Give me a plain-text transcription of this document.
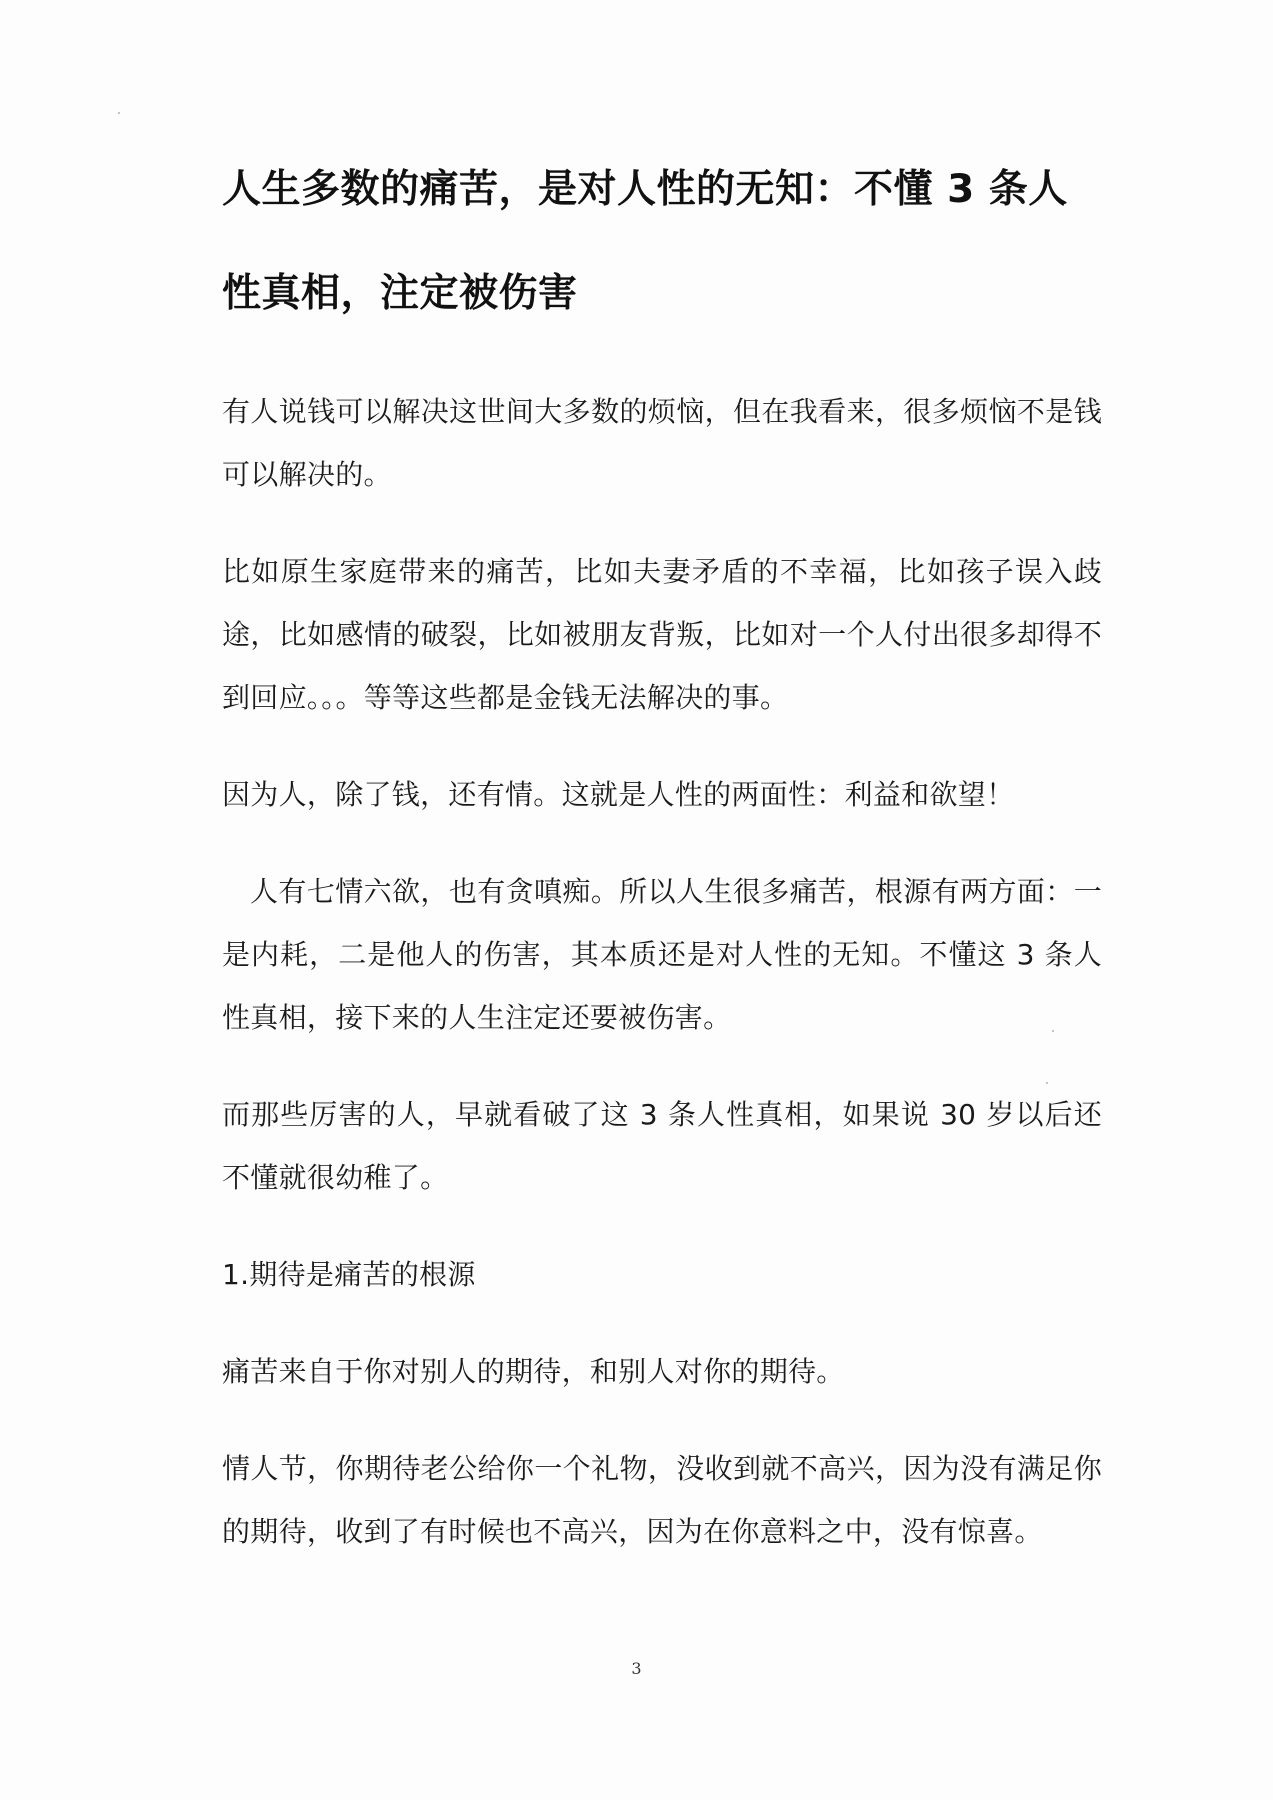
人生多数的痛苦，是对人性的无知：不懂 3 条人性真相，注定被伤害

有人说钱可以解决这世间大多数的烦恼，但在我看来，很多烦恼不是钱可以解决的。

比如原生家庭带来的痛苦，比如夫妻矛盾的不幸福，比如孩子误入歧途，比如感情的破裂，比如被朋友背叛，比如对一个人付出很多却得不到回应。。。等等这些都是金钱无法解决的事。

因为人，除了钱，还有情。这就是人性的两面性：利益和欲望！

人有七情六欲，也有贪嗔痴。所以人生很多痛苦，根源有两方面：一是内耗，二是他人的伤害，其本质还是对人性的无知。不懂这 3 条人性真相，接下来的人生注定还要被伤害。

而那些厉害的人，早就看破了这 3 条人性真相，如果说 30 岁以后还不懂就很幼稚了。

1.期待是痛苦的根源

痛苦来自于你对别人的期待，和别人对你的期待。

情人节，你期待老公给你一个礼物，没收到就不高兴，因为没有满足你的期待，收到了有时候也不高兴，因为在你意料之中，没有惊喜。

3
